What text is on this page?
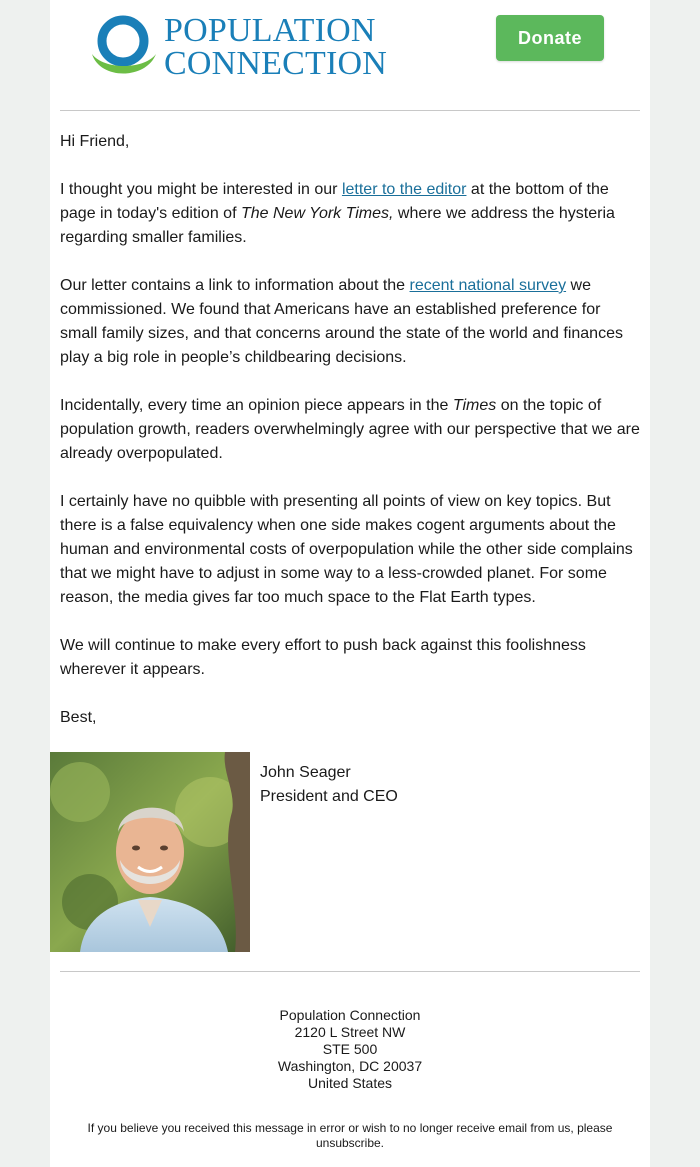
POPULATION
CONNECTION
Donate

Hi Friend,

I thought you might be interested in our letter to the editor at the bottom of the page in today's edition of The New York Times, where we address the hysteria regarding smaller families.

Our letter contains a link to information about the recent national survey we commissioned. We found that Americans have an established preference for small family sizes, and that concerns around the state of the world and finances play a big role in people’s childbearing decisions.

Incidentally, every time an opinion piece appears in the Times on the topic of population growth, readers overwhelmingly agree with our perspective that we are already overpopulated.

I certainly have no quibble with presenting all points of view on key topics. But there is a false equivalency when one side makes cogent arguments about the human and environmental costs of overpopulation while the other side complains that we might have to adjust in some way to a less-crowded planet. For some reason, the media gives far too much space to the Flat Earth types.

We will continue to make every effort to push back against this foolishness wherever it appears.

Best,

John Seager
President and CEO
Population Connection
2120 L Street NW
STE 500
Washington, DC 20037
United States
If you believe you received this message in error or wish to no longer receive email from us, please unsubscribe.
